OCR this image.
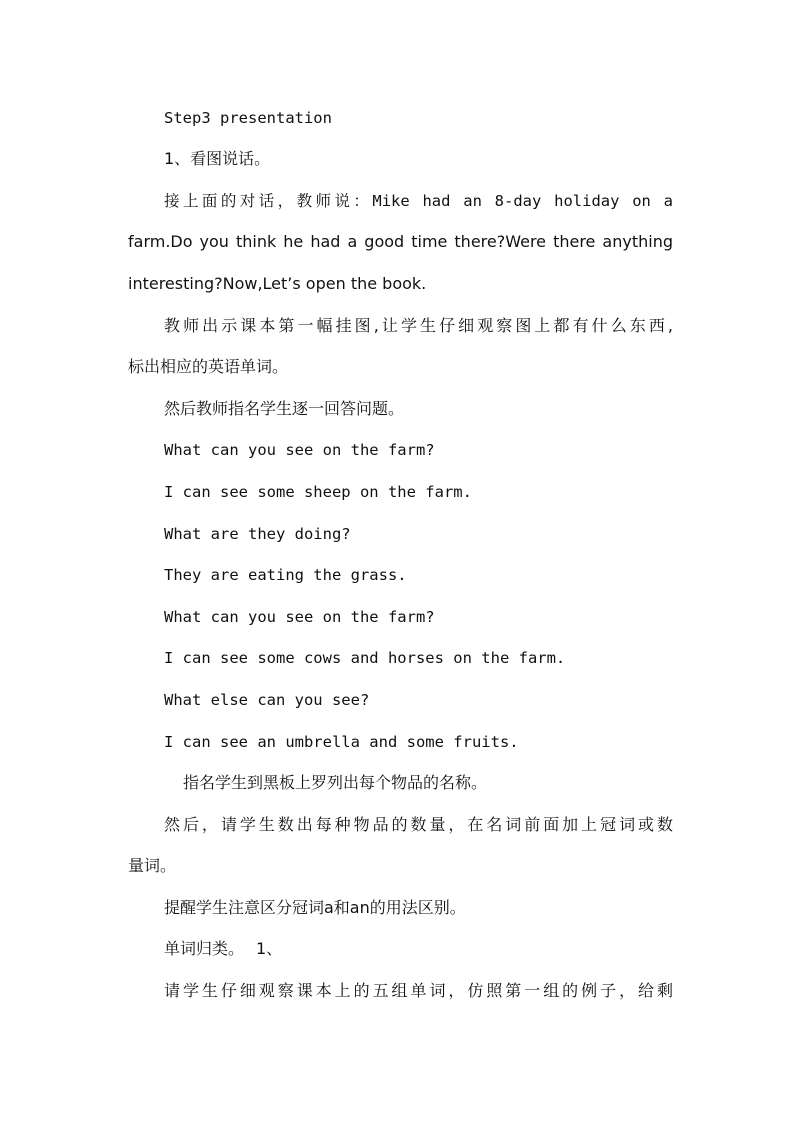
Step3 presentation

1、看图说话。

接上面的对话，教师说：Mike had an 8-day holiday on a

farm.Do you think he had a good time there?Were there anything

interesting?Now,Let’s open the book.

教师出示课本第一幅挂图,让学生仔细观察图上都有什么东西,

标出相应的英语单词。

然后教师指名学生逐一回答问题。

What can you see on the farm?

I can see some sheep on the farm.

What are they doing?

They are eating the grass.

What can you see on the farm?

I can see some cows and horses on the farm.

What else can you see?

I can see an umbrella and some fruits.

指名学生到黑板上罗列出每个物品的名称。

然后，请学生数出每种物品的数量，在名词前面加上冠词或数

量词。

提醒学生注意区分冠词a和an的用法区别。

1、
单词归类。

请学生仔细观察课本上的五组单词，仿照第一组的例子，给剩
